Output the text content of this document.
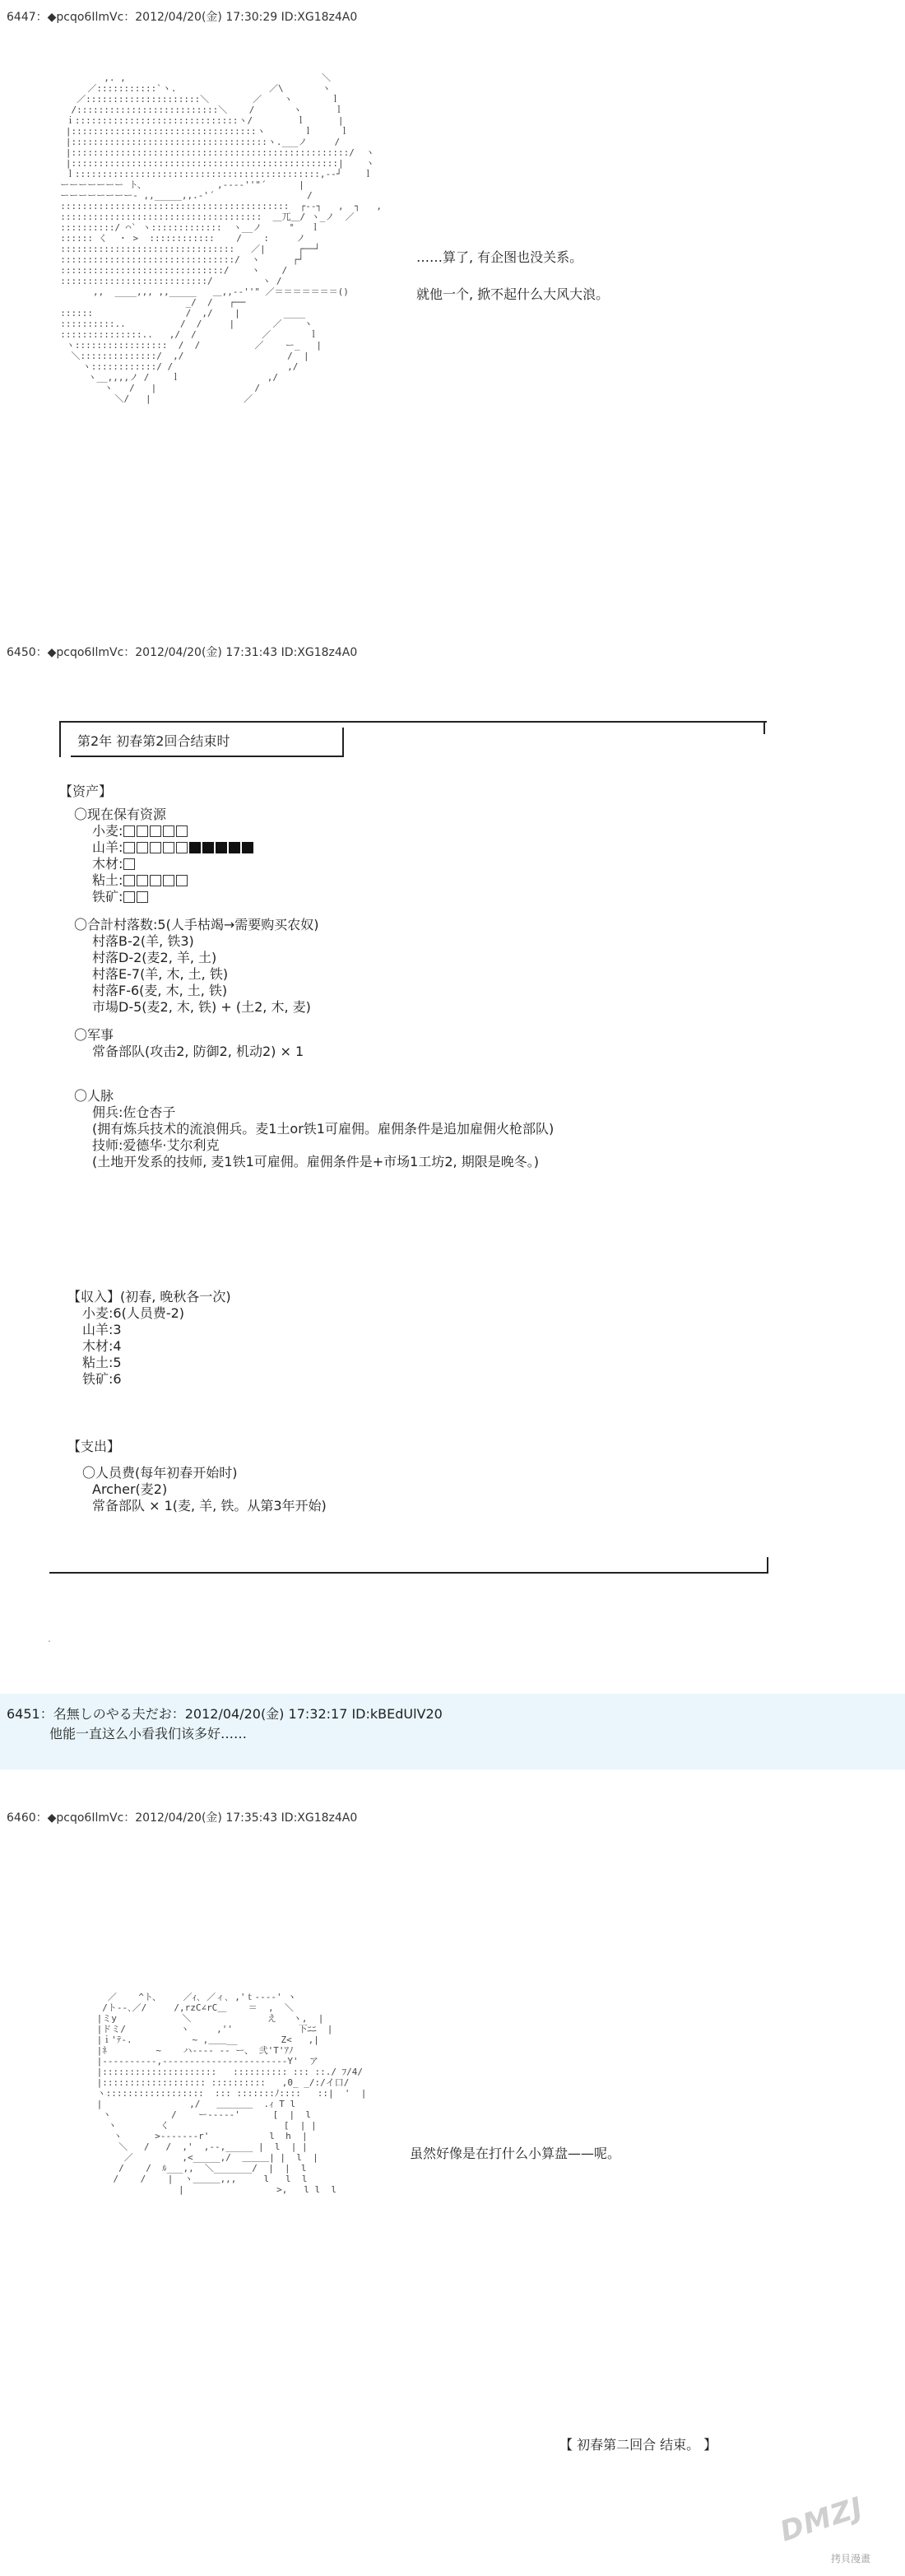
6447：◆pcqo6IlmVc：2012/04/20(金) 17:30:29 ID:XG18z4A0
,. ,                                    ＼
／:::::::::::`ヽ.                 ／\       ヽ
／:::::::::::::::::::::＼        ／    ヽ       ｌ
/::::::::::::::::::::::::::＼    /       ヽ      ｌ
ｉ::::::::::::::::::::::::::::::ヽ/        ｌ      |
|::::::::::::::::::::::::::::::::::ヽ       ｌ     ｌ
|::::::::::::::::::::::::::::::::::::ヽ.___ノ     /
|:::::::::::::::::::::::::::::::::::::::::::::::::::/  ヽ
|:::::::::::::::::::::::::::::::::::::::::::::::::|    ヽ
ｌ:::::::::::::::::::::::::::::::::::::::::::::,--┘    ｌ
ーーーーーーー ト、             ,---‐''"´      |
ーーーーーーーー- ,,_____,,.-'´                 /
::::::::::::::::::::::::::::::::::::::::::  ┌--┐   ,  ┐   ,
:::::::::::::::::::::::::::::::::::::  ＿兀＿/ ヽ_ノ  ／
::::::::::/ ⌒` ヽ:::::::::::::  ヽ__ノ     °   ｌ
:::::: く  ・ >  ::::::::::::    /    :     ノ
::::::::::::::::::::::::::::::::   ／|      ┌──┘
::::::::::::::::::::::::::::::::/  ヽ      ┌┘
::::::::::::::::::::::::::::::/    ヽ    /
:::::::::::::::::::::::::::/         ヽ /
,,  ____,,, ,,_____   ＿,,-‐''" ／＝＝＝＝＝＝＝()
_/  /   ┌──
::::::                 /  ,/    |        ____
::::::::::..          /  /     |       ／    ヽ
:::::::::::::::..   ,/  /            ／       ｌ
ヽ:::::::::::::::::  /  /          ／    ー_   |
＼::::::::::::::/  ,/                   /  |
ヽ::::::::::::/ /                     ,/
ヽ__,,,,ノ /    ｌ                ,/
ヽ   /   |                  /
＼/   |                 ／

……算了, 有企图也没关系。
就他一个, 掀不起什么大风大浪。
6450：◆pcqo6IlmVc：2012/04/20(金) 17:31:43 ID:XG18z4A0
第2年 初春第2回合结束时
【资产】
〇现在保有资源
小麦:
山羊:
木材:
粘土:
铁矿:
〇合計村落数:5(人手枯竭→需要购买农奴)
村落B-2(羊, 铁3)
村落D-2(麦2, 羊, 土)
村落E-7(羊, 木, 土, 铁)
村落F-6(麦, 木, 土, 铁)
市場D-5(麦2, 木, 铁) + (土2, 木, 麦)
〇军事
常备部队(攻击2, 防御2, 机动2) × 1
〇人脉
佣兵:佐仓杏子
(拥有炼兵技术的流浪佣兵。麦1土or铁1可雇佣。雇佣条件是追加雇佣火枪部队)
技师:爱德华·艾尔利克
(土地开发系的技师, 麦1铁1可雇佣。雇佣条件是+市场1工坊2, 期限是晚冬。)
【収入】(初春, 晚秋各一次)
小麦:6(人员费-2)
山羊:3
木材:4
粘土:5
铁矿:6
【支出】
〇人员费(每年初春开始时)
Archer(麦2)
常备部队 × 1(麦, 羊, 铁。从第3年开始)
.
6451：名無しのやる夫だお：2012/04/20(金) 17:32:17 ID:kBEdUlV20
他能一直这么小看我们该多好……
6460：◆pcqo6IlmVc：2012/04/20(金) 17:35:43 ID:XG18z4A0
／    ^ト、    ／ｨ､ ／ィ､ ,'ｔ---‐' ヽ
/ト--､／/     /,rzC∠rC＿    ＝  ,  ＼
|ミy            ＼              え   ヽ,  |
|ドミ/          ヽ     ,''            下ﾆﾆ  |
|ｉ'ﾃ-.           ~ ,＿＿__        Z<   ,|
|ﾈ         ~    ハ---- -- ー、 弐'T'ｱﾉ
|----------,-----------------------Y'  ア
|:::::::::::::::::::::   :::::::::: ::: ::./ ﾌ/4/
|::::::::::::::::::: ::::::::::   ,0_ _/:/イ口/
ヽ::::::::::::::::::  ::: :::::::ﾉ::::   ::|  '  |
|                ,/   ＿＿＿＿  .ｨ T l
ヽ           /    ー‐‐‐‐‐'      [  |  l
ヽ        く                     [  | |
ヽ      >-------r'           l  h  |
＼   /   /  ,'  ,--,_____ |  l  | |
／         ,<_____,/  ＿＿＿| |  l  |
/    /  ﾙ___,,  ＼_______/  |  |  l
/    /    |  ヽ＿＿＿,,,     l   l  l
|                 >,   l l  l

虽然好像是在打什么小算盘——呢。
【 初春第二回合 结束。 】
DMZJ
拷貝漫畫
